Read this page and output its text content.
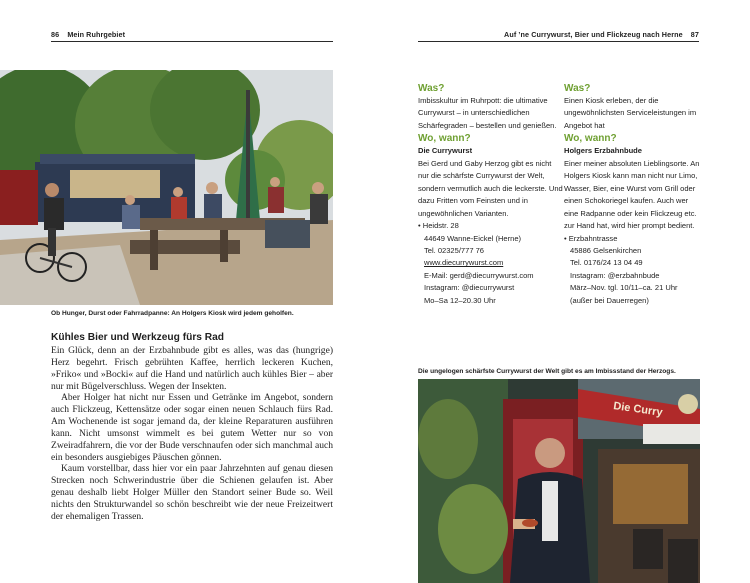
86 Mein Ruhrgebiet	Auf ’ne Currywurst, Bier und Flickzeug nach Herne 87
Ob Hunger, Durst oder Fahrradpanne: An Holgers Kiosk wird jedem geholfen.
Kühles Bier und Werkzeug fürs Rad

Ein Glück, denn an der Erzbahnbude gibt es alles, was das (hungrige) Herz begehrt. Frisch gebrühten Kaffee, herrlich leckeren Kuchen, »Friko« und »Bocki« auf die Hand und natürlich auch kühles Bier – aber nur mit Bügelverschluss. Wegen der Insekten.

Aber Holger hat nicht nur Essen und Getränke im Angebot, sondern auch Flickzeug, Kettensätze oder sogar einen neuen Schlauch fürs Rad. Am Wochenende ist sogar jemand da, der kleine Reparaturen ausführen kann. Nicht umsonst wimmelt es bei gutem Wetter nur so von Zweiradfahrern, die vor der Bude verschnaufen oder sich manchmal auch ein besonders ausgiebiges Päuschen gönnen.

Kaum vorstellbar, dass hier vor ein paar Jahrzehnten auf genau diesen Strecken noch Schwerindustrie über die Schienen gelaufen ist. Aber genau deshalb liebt Holger Müller den Standort seiner Bude so. Weil nichts den Strukturwandel so schön beschreibt wie der neue Freizeitwert der ehemaligen Trassen.

Was?

Imbisskultur im Ruhrpott: die ultimative Currywurst – in unterschiedlichen Schärfegraden – bestellen und genießen.

Wo, wann?

Die Currywurst

Bei Gerd und Gaby Herzog gibt es nicht nur die schärfste Currywurst der Welt, sondern vermutlich auch die leckerste. Und dazu Fritten vom Feinsten und in ungewöhnlichen Varianten.

• Heidstr. 28

44649 Wanne-Eickel (Herne)

Tel. 02325/777 76

www.diecurrywurst.com

E-Mail: gerd@diecurrywurst.com

Instagram: @diecurrywurst

Mo–Sa 12–20.30 Uhr

Was?

Einen Kiosk erleben, der die ungewöhnlichsten Serviceleistungen im Angebot hat

Wo, wann?

Holgers Erzbahnbude

Einer meiner absoluten Lieblingsorte. An Holgers Kiosk kann man nicht nur Limo, Wasser, Bier, eine Wurst vom Grill oder einen Schokoriegel kaufen. Auch wer eine Radpanne oder kein Flickzeug etc. zur Hand hat, wird hier prompt bedient.

• Erzbahntrasse

45886 Gelsenkirchen

Tel. 0176/24 13 04 49

Instagram: @erzbahnbude

März–Nov. tgl. 10/11–ca. 21 Uhr

(außer bei Dauerregen)

Die ungelogen schärfste Currywurst der Welt gibt es am Imbissstand der Herzogs.
Die Curry
